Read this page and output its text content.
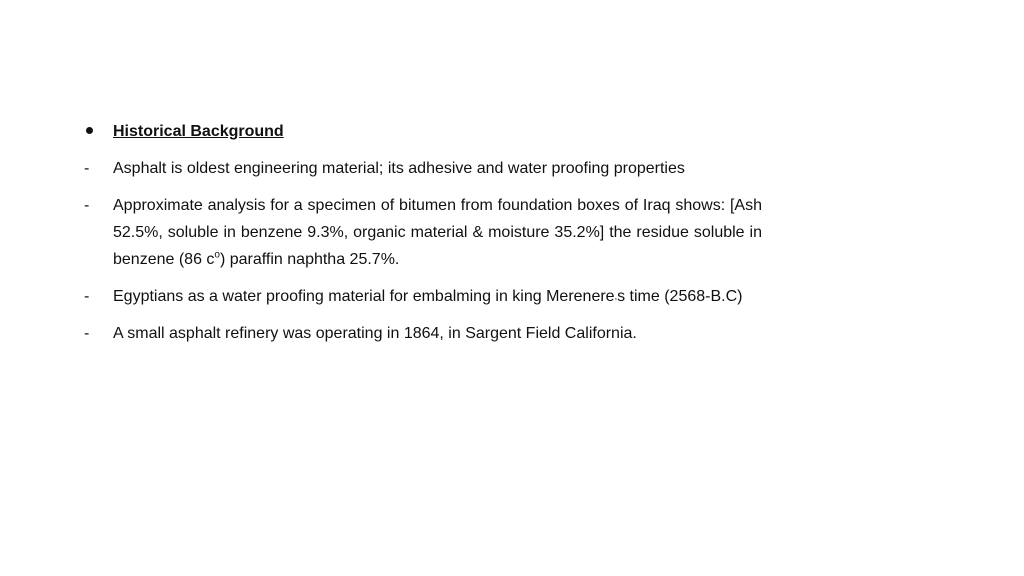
Historical Background
-	Asphalt is oldest engineering material; its adhesive and water proofing properties
-	Approximate analysis for a specimen of bitumen from foundation boxes of Iraq shows: [Ash 52.5%, soluble in benzene 9.3%, organic material & moisture 35.2%] the residue soluble in benzene (86 $c^o$) paraffin naphtha 25.7%.
-	Egyptians as a water proofing material for embalming in king Merenere,s time (2568-B.C)
-	A small asphalt refinery was operating in 1864, in Sargent Field California.
